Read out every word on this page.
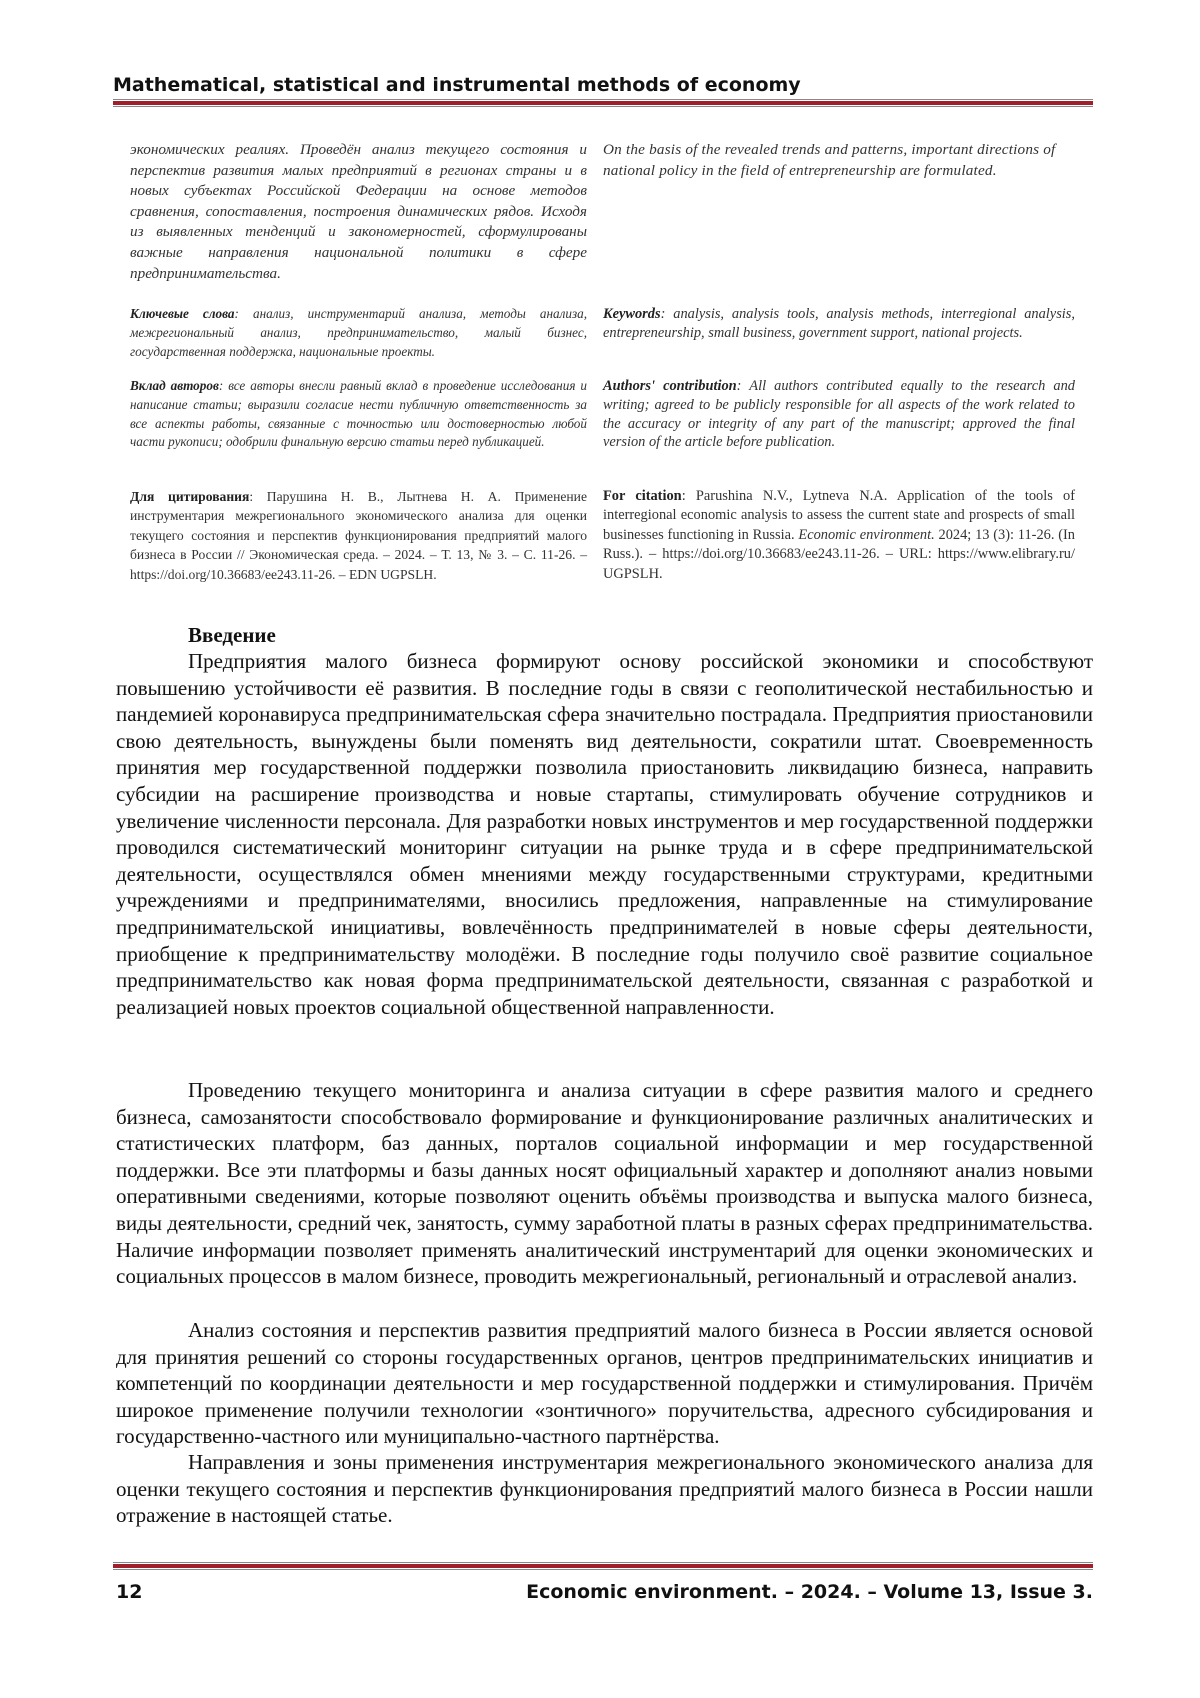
Mathematical, statistical and instrumental methods of economy

экономических реалиях. Проведён анализ текущего состояния и перспектив развития малых предприятий в регионах страны и в новых субъектах Российской Федерации на основе методов сравнения, сопоставления, построения динамических рядов. Исходя из выявленных тенденций и закономерностей, сформулированы важные направления национальной политики в сфере предпринимательства.

Ключевые слова: анализ, инструментарий анализа, методы анализа, межрегиональный анализ, предпринимательство, малый бизнес, государственная поддержка, национальные проекты.
Вклад авторов: все авторы внесли равный вклад в проведение исследования и написание статьи; выразили согласие нести публичную ответственность за все аспекты работы, связанные с точностью или достоверностью любой части рукописи; одобрили финальную версию статьи перед публикацией.
Для цитирования: Парушина Н. В., Лытнева Н. А. Применение инструментария межрегионального экономического анализа для оценки текущего состояния и перспектив функционирования предприятий малого бизнеса в России // Экономическая среда. – 2024. – Т. 13, № 3. – С. 11-26. – https://doi.org/10.36683/ee243.11-26. – EDN UGPSLH.

On the basis of the revealed trends and patterns, important directions of national policy in the field of entrepreneurship are formulated.

Keywords: analysis, analysis tools, analysis methods, interregional analysis, entrepreneurship, small business, government support, national projects.
Authors' contribution: All authors contributed equally to the research and writing; agreed to be publicly responsible for all aspects of the work related to the accuracy or integrity of any part of the manuscript; approved the final version of the article before publication.
For citation: Parushina N.V., Lytneva N.A. Application of the tools of interregional economic analysis to assess the current state and prospects of small businesses functioning in Russia. Economic environment. 2024; 13 (3): 11-26. (In Russ.). – https://doi.org/10.36683/ee243.11-26. – URL: https://www.elibrary.ru/ UGPSLH.
Введение

Предприятия малого бизнеса формируют основу российской экономики и способствуют повышению устойчивости её развития. В последние годы в связи с геополитической нестабильностью и пандемией коронавируса предпринимательская сфера значительно пострадала. Предприятия приостановили свою деятельность, вынуждены были поменять вид деятельности, сократили штат. Своевременность принятия мер государственной поддержки позволила приостановить ликвидацию бизнеса, направить субсидии на расширение производства и новые стартапы, стимулировать обучение сотрудников и увеличение численности персонала. Для разработки новых инструментов и мер государственной поддержки проводился систематический мониторинг ситуации на рынке труда и в сфере предпринимательской деятельности, осуществлялся обмен мнениями между государственными структурами, кредитными учреждениями и предпринимателями, вносились предложения, направленные на стимулирование предпринимательской инициативы, вовлечённость предпринимателей в новые сферы деятельности, приобщение к предпринимательству молодёжи. В последние годы получило своё развитие социальное предпринимательство как новая форма предпринимательской деятельности, связанная с разработкой и реализацией новых проектов социальной общественной направленности.

Проведению текущего мониторинга и анализа ситуации в сфере развития малого и среднего бизнеса, самозанятости способствовало формирование и функционирование различных аналитических и статистических платформ, баз данных, порталов социальной информации и мер государственной поддержки. Все эти платформы и базы данных носят официальный характер и дополняют анализ новыми оперативными сведениями, которые позволяют оценить объёмы производства и выпуска малого бизнеса, виды деятельности, средний чек, занятость, сумму заработной платы в разных сферах предпринимательства. Наличие информации позволяет применять аналитический инструментарий для оценки экономических и социальных процессов в малом бизнесе, проводить межрегиональный, региональный и отраслевой анализ.

Анализ состояния и перспектив развития предприятий малого бизнеса в России является основой для принятия решений со стороны государственных органов, центров предпринимательских инициатив и компетенций по координации деятельности и мер государственной поддержки и стимулирования. Причём широкое применение получили технологии «зонтичного» поручительства, адресного субсидирования и государственно-частного или муниципально-частного партнёрства.

Направления и зоны применения инструментария межрегионального экономического анализа для оценки текущего состояния и перспектив функционирования предприятий малого бизнеса в России нашли отражение в настоящей статье.

12	Economic environment. – 2024. – Volume 13, Issue 3.
